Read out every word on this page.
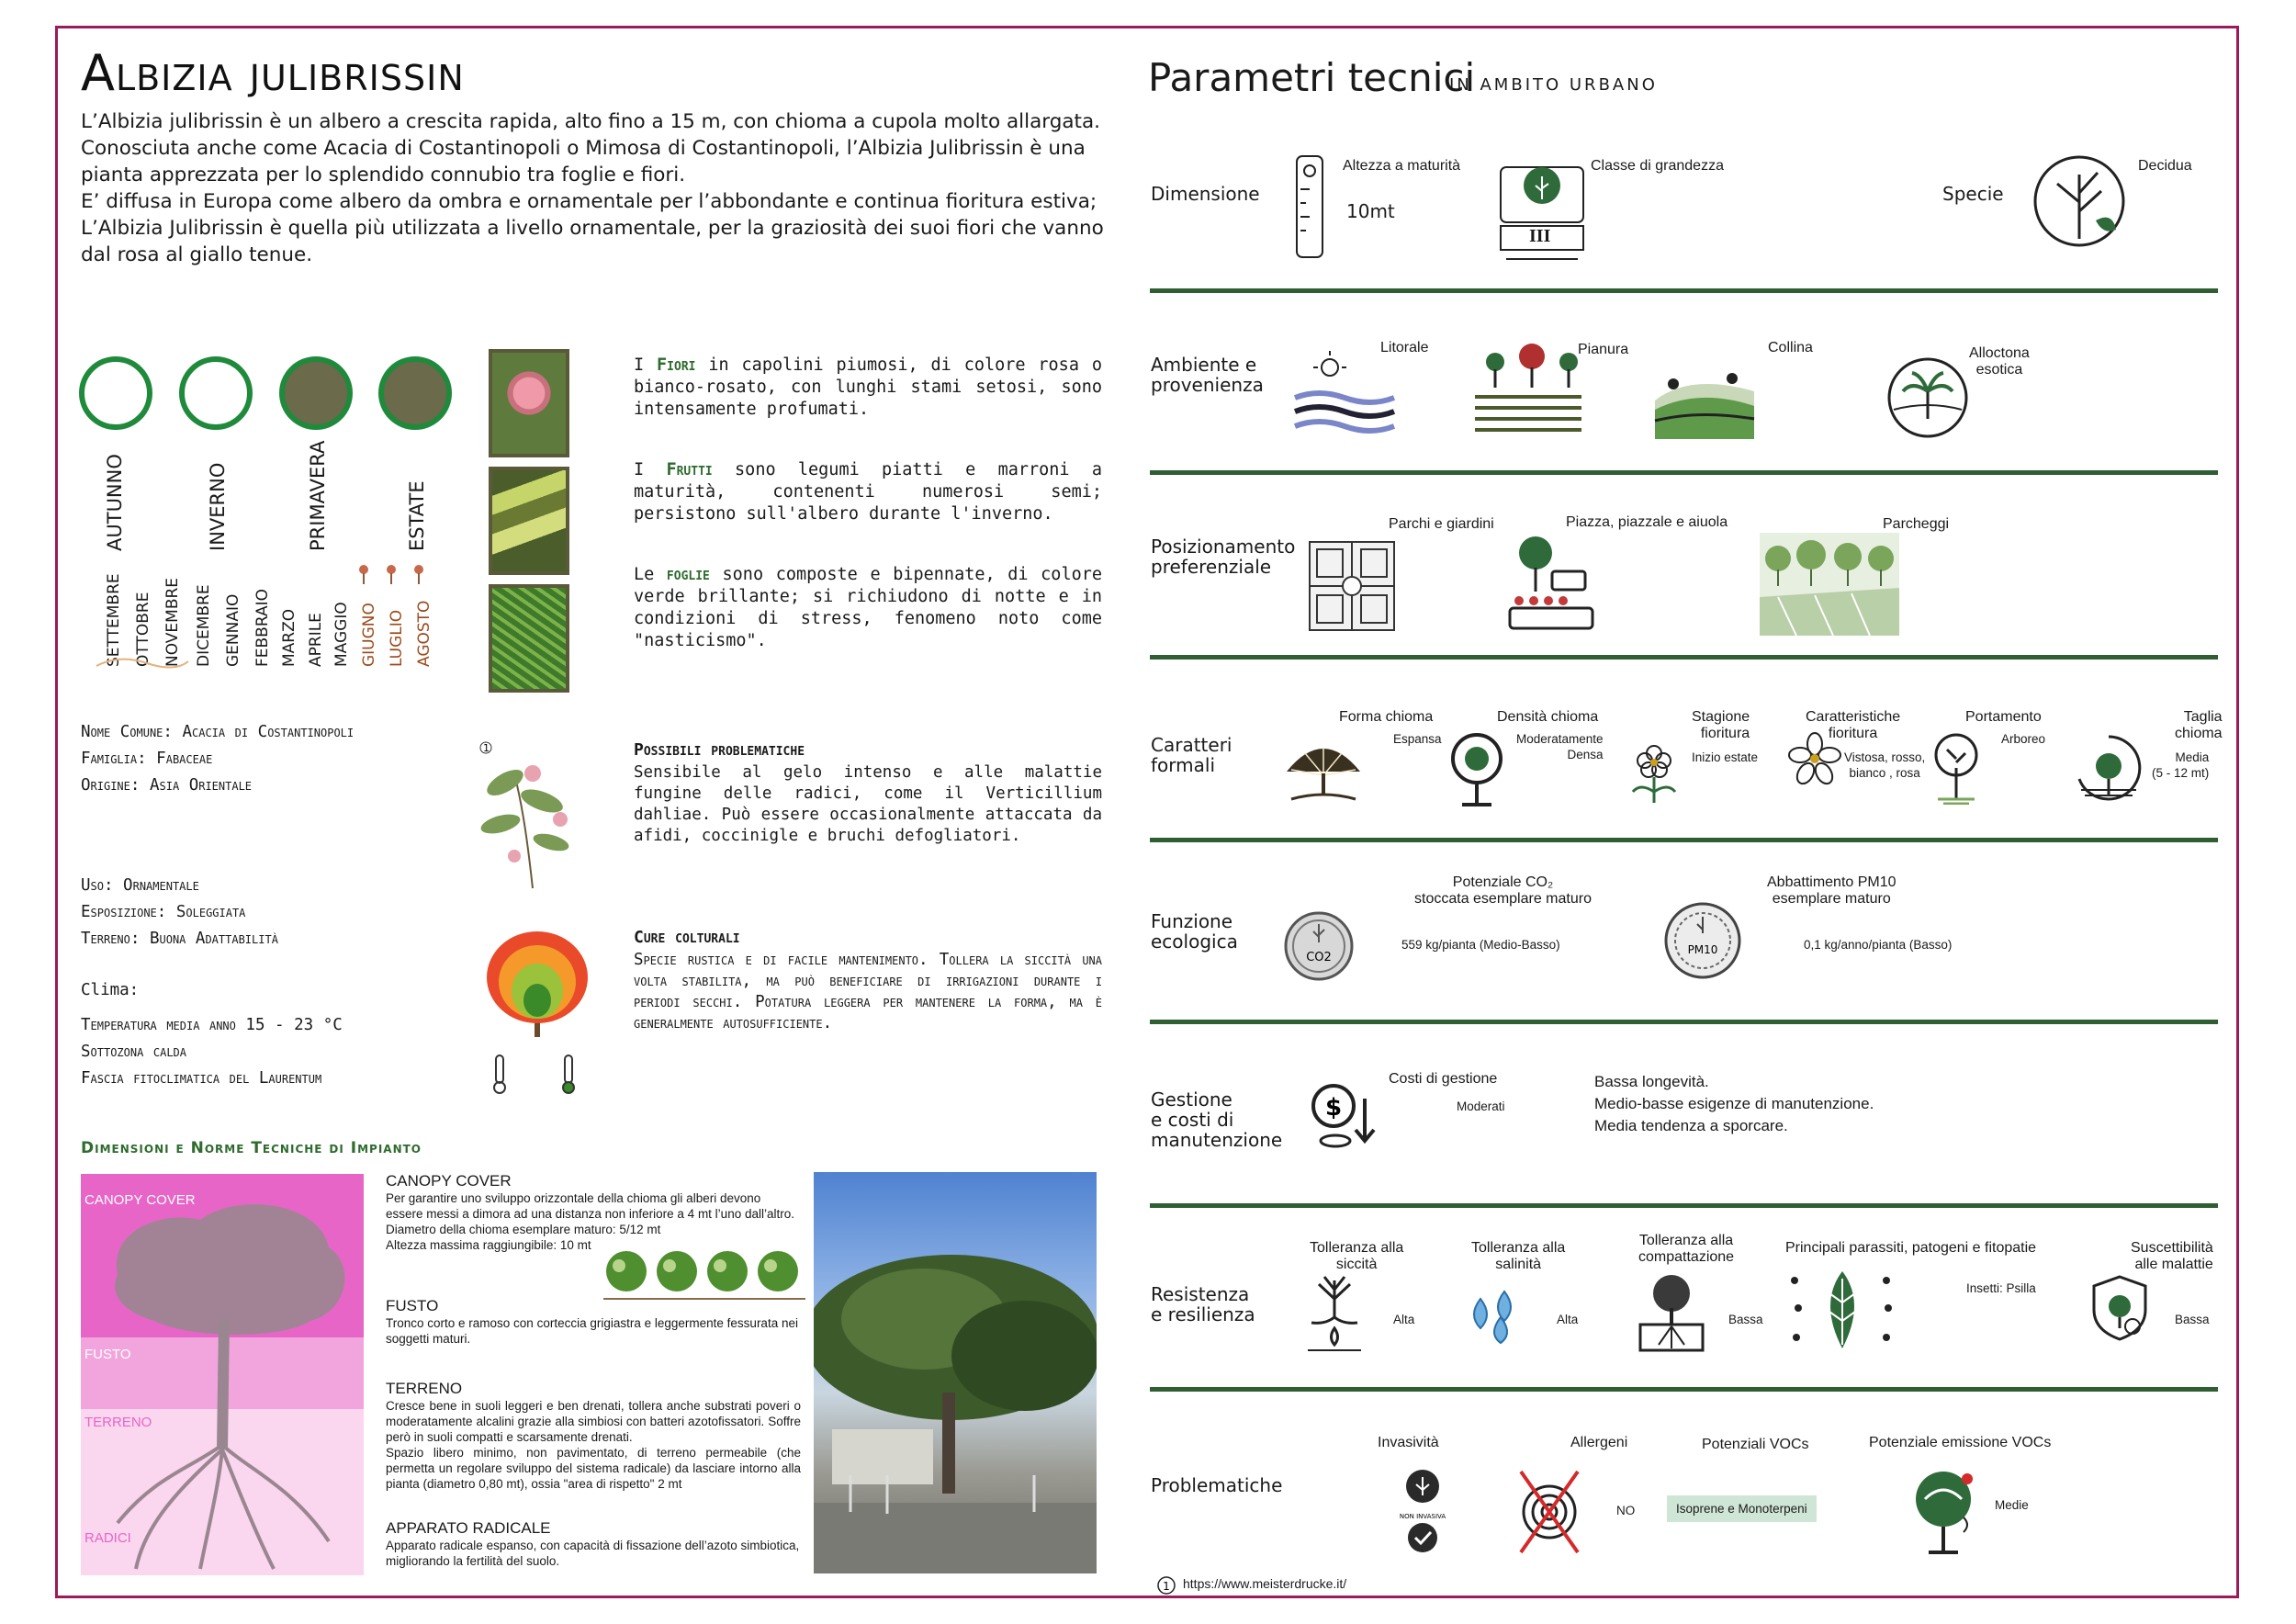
Albizia julibrissin

L’Albizia julibrissin è un albero a crescita rapida, alto fino a 15 m, con chioma a cupola molto allargata. Conosciuta anche come Acacia di Costantinopoli o Mimosa di Costantinopoli, l’Albizia Julibrissin è una pianta apprezzata per lo splendido connubio tra foglie e fiori.

E’ diffusa in Europa come albero da ombra e ornamentale per l’abbondante e continua fioritura estiva;

L’Albizia Julibrissin è quella più utilizzata a livello ornamentale, per la graziosità dei suoi fiori che vanno dal rosa al giallo tenue.

AUTUNNO	INVERNO	PRIMAVERA	ESTATE
SETTEMBRE OTTOBRE NOVEMBRE DICEMBRE GENNAIO FEBBRAIO MARZO APRILE MAGGIO GIUGNO LUGLIO AGOSTO
I Fiori in capolini piumosi, di colore rosa o bianco-rosato, con lunghi stami setosi, sono intensamente profumati.
I Frutti sono legumi piatti e marroni a maturità, contenenti numerosi semi; persistono sull'albero durante l'inverno.
Le foglie sono composte e bipennate, di colore verde brillante; si richiudono di notte e in condizioni di stress, fenomeno noto come "nasticismo".
Nome Comune: Acacia di Costantinopoli
Famiglia: Fabaceae
Origine: Asia Orientale
Uso: Ornamentale
Esposizione: Soleggiata
Terreno: Buona Adattabilità
Clima:
Temperatura media anno 15 - 23 °C
Sottozona calda
Fascia fitoclimatica del Laurentum
1	Possibili problematiche
Sensibile al gelo intenso e alle malattie fungine delle radici, come il Verticillium dahliae. Può essere occasionalmente attaccata da afidi, coccinigle e bruchi defogliatori.
Cure colturali
Specie rustica e di facile mantenimento. Tollera la siccità una volta stabilita, ma può beneficiare di irrigazioni durante i periodi secchi. Potatura leggera per mantenere la forma, ma è generalmente autosufficiente.
Dimensioni e Norme Tecniche di Impianto
CANOPY COVER
FUSTO
TERRENO
RADICI
CANOPY COVER
Per garantire uno sviluppo orizzontale della chioma gli alberi devono essere messi a dimora ad una distanza non inferiore a 4 mt l’uno dall’altro.
Diametro della chioma esemplare maturo: 5/12 mt
Altezza massima raggiungibile: 10 mt
FUSTO
Tronco corto e ramoso con corteccia grigiastra e leggermente fessurata nei soggetti maturi.
TERRENO
Cresce bene in suoli leggeri e ben drenati, tollera anche substrati poveri o moderatamente alcalini grazie alla simbiosi con batteri azotofissatori. Soffre però in suoli compatti e scarsamente drenati.
Spazio libero minimo, non pavimentato, di terreno permeabile (che permetta un regolare sviluppo del sistema radicale) da lasciare intorno alla pianta (diametro 0,80 mt), ossia "area di rispetto" 2 mt
APPARATO RADICALE
Apparato radicale espanso, con capacità di fissazione dell’azoto simbiotica, migliorando la fertilità del suolo.
Parametri tecnici
IN AMBITO URBANO
Dimensione
Altezza a maturità
10mt
III
Classe di grandezza
Specie
Decidua
Ambiente e
provenienza
Litorale	Pianura	Collina	Alloctona
esotica
Posizionamento
preferenziale
Parchi e giardini	Piazza, piazzale e aiuola	Parcheggi
Caratteri
formali
Forma chioma
Espansa
Densità chioma
Moderatamente
Densa
Stagione
fioritura
Inizio estate
Caratteristiche
fioritura
Vistosa, rosso,
bianco , rosa
Portamento
Arboreo
Taglia
chioma
Media
(5 - 12 mt)
Funzione
ecologica
CO2
Potenziale CO₂
stoccata esemplare maturo
559 kg/pianta (Medio-Basso)	PM10
Abbattimento PM10
esemplare maturo
0,1 kg/anno/pianta (Basso)
Gestione
e costi di
manutenzione
$
Costi di gestione
Moderati
Bassa longevità.
Medio-basse esigenze di manutenzione.
Media tendenza a sporcare.
Resistenza
e resilienza
Tolleranza alla
siccità
Alta
Tolleranza alla
salinità
Alta
Tolleranza alla
compattazione
Bassa
Principali parassiti, patogeni e fitopatie
Insetti: Psilla
Suscettibilità
alle malattie
Bassa
Problematiche
Invasività
NON INVASIVA
Allergeni
NO
Potenziali VOCs
Isoprene e Monoterpeni
Potenziale emissione VOCs
Medie
1 https://www.meisterdrucke.it/
